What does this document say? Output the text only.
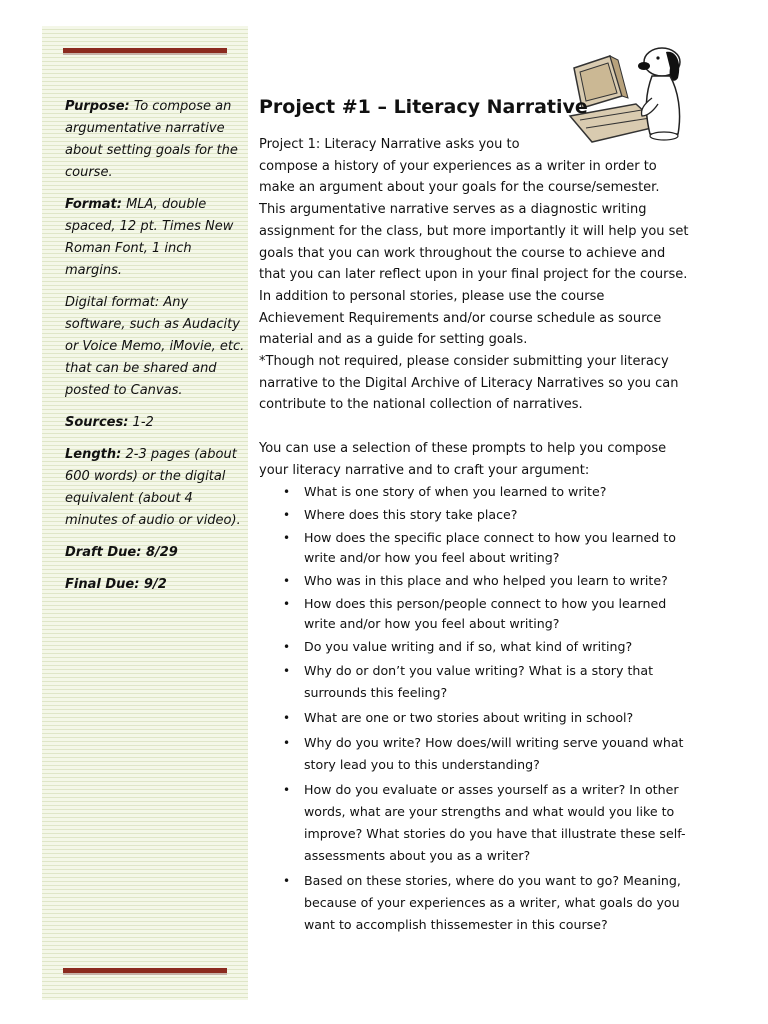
Purpose: To compose an argumentative narrative about setting goals for the course.

Format: MLA, double spaced, 12 pt. Times New Roman Font, 1 inch margins.

Digital format: Any software, such as Audacity or Voice Memo, iMovie, etc. that can be shared and posted to Canvas.

Sources: 1-2

Length: 2-3 pages (about 600 words) or the digital equivalent (about 4 minutes of audio or video).

Draft Due: 8/29

Final Due: 9/2

Project #1 – Literacy Narrative

Project 1: Literacy Narrative asks you to

compose a history of your experiences as a writer in order to make an argument about your goals for the course/semester.

This argumentative narrative serves as a diagnostic writing assignment for the class, but more importantly it will help you set goals that you can work throughout the course to achieve and that you can later reflect upon in your final project for the course.

In addition to personal stories, please use the course Achievement Requirements and/or course schedule as source material and as a guide for setting goals.

*Though not required, please consider submitting your literacy narrative to the Digital Archive of Literacy Narratives so you can contribute to the national collection of narratives.

You can use a selection of these prompts to help you compose your literacy narrative and to craft your argument:

• What is one story of when you learned to write?
• Where does this story take place?
• How does the specific place connect to how you learned to write and/or how you feel about writing?
• Who was in this place and who helped you learn to write?
• How does this person/people connect to how you learned write and/or how you feel about writing?
• Do you value writing and if so, what kind of writing?
• Why do or don’t you value writing? What is a story that surrounds this feeling?
• What are one or two stories about writing in school?
• Why do you write? How does/will writing serve youand what story lead you to this understanding?
• How do you evaluate or asses yourself as a writer? In other words, what are your strengths and what would you like to improve? What stories do you have that illustrate these self-assessments about you as a writer?
• Based on these stories, where do you want to go? Meaning, because of your experiences as a writer, what goals do you want to accomplish thissemester in this course?
